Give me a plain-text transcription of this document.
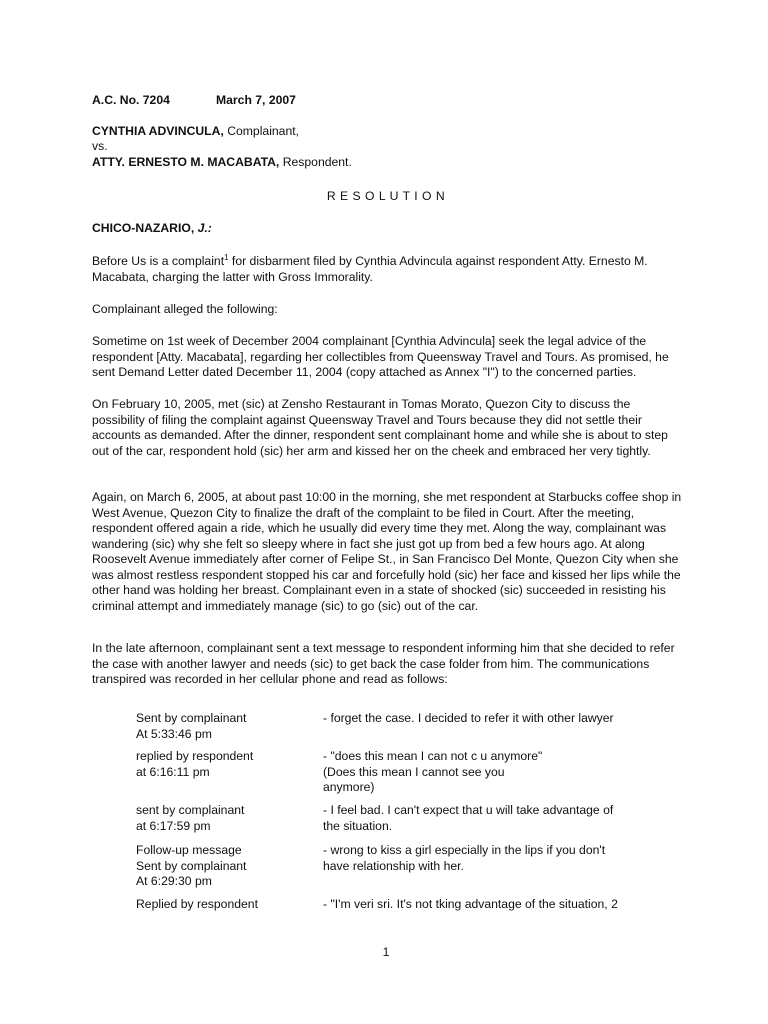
A.C. No. 7204	March 7, 2007
CYNTHIA ADVINCULA, Complainant,
vs.
ATTY. ERNESTO M. MACABATA, Respondent.
R E S O L U T I O N
CHICO-NAZARIO, J.:
Before Us is a complaint$^1$ for disbarment filed by Cynthia Advincula against respondent Atty. Ernesto M. Macabata, charging the latter with Gross Immorality.
Complainant alleged the following:
Sometime on 1st week of December 2004 complainant [Cynthia Advincula] seek the legal advice of the respondent [Atty. Macabata], regarding her collectibles from Queensway Travel and Tours. As promised, he sent Demand Letter dated December 11, 2004 (copy attached as Annex "I") to the concerned parties.
On February 10, 2005, met (sic) at Zensho Restaurant in Tomas Morato, Quezon City to discuss the possibility of filing the complaint against Queensway Travel and Tours because they did not settle their accounts as demanded. After the dinner, respondent sent complainant home and while she is about to step out of the car, respondent hold (sic) her arm and kissed her on the cheek and embraced her very tightly.
Again, on March 6, 2005, at about past 10:00 in the morning, she met respondent at Starbucks coffee shop in West Avenue, Quezon City to finalize the draft of the complaint to be filed in Court. After the meeting, respondent offered again a ride, which he usually did every time they met. Along the way, complainant was wandering (sic) why she felt so sleepy where in fact she just got up from bed a few hours ago. At along Roosevelt Avenue immediately after corner of Felipe St., in San Francisco Del Monte, Quezon City when she was almost restless respondent stopped his car and forcefully hold (sic) her face and kissed her lips while the other hand was holding her breast. Complainant even in a state of shocked (sic) succeeded in resisting his criminal attempt and immediately manage (sic) to go (sic) out of the car.
In the late afternoon, complainant sent a text message to respondent informing him that she decided to refer the case with another lawyer and needs (sic) to get back the case folder from him. The communications transpired was recorded in her cellular phone and read as follows:
Sent by complainant
At 5:33:46 pm
- forget the case. I decided to refer it with other lawyer
replied by respondent
at 6:16:11 pm
- "does this mean I can not c u anymore"
(Does this mean I cannot see you
anymore)
sent by complainant
at 6:17:59 pm
- I feel bad. I can't expect that u will take advantage of
the situation.
Follow-up message
Sent by complainant
At 6:29:30 pm
- wrong to kiss a girl especially in the lips if you don't
have relationship with her.
Replied by respondent	- "I'm veri sri. It's not tking advantage of the situation, 2
1
